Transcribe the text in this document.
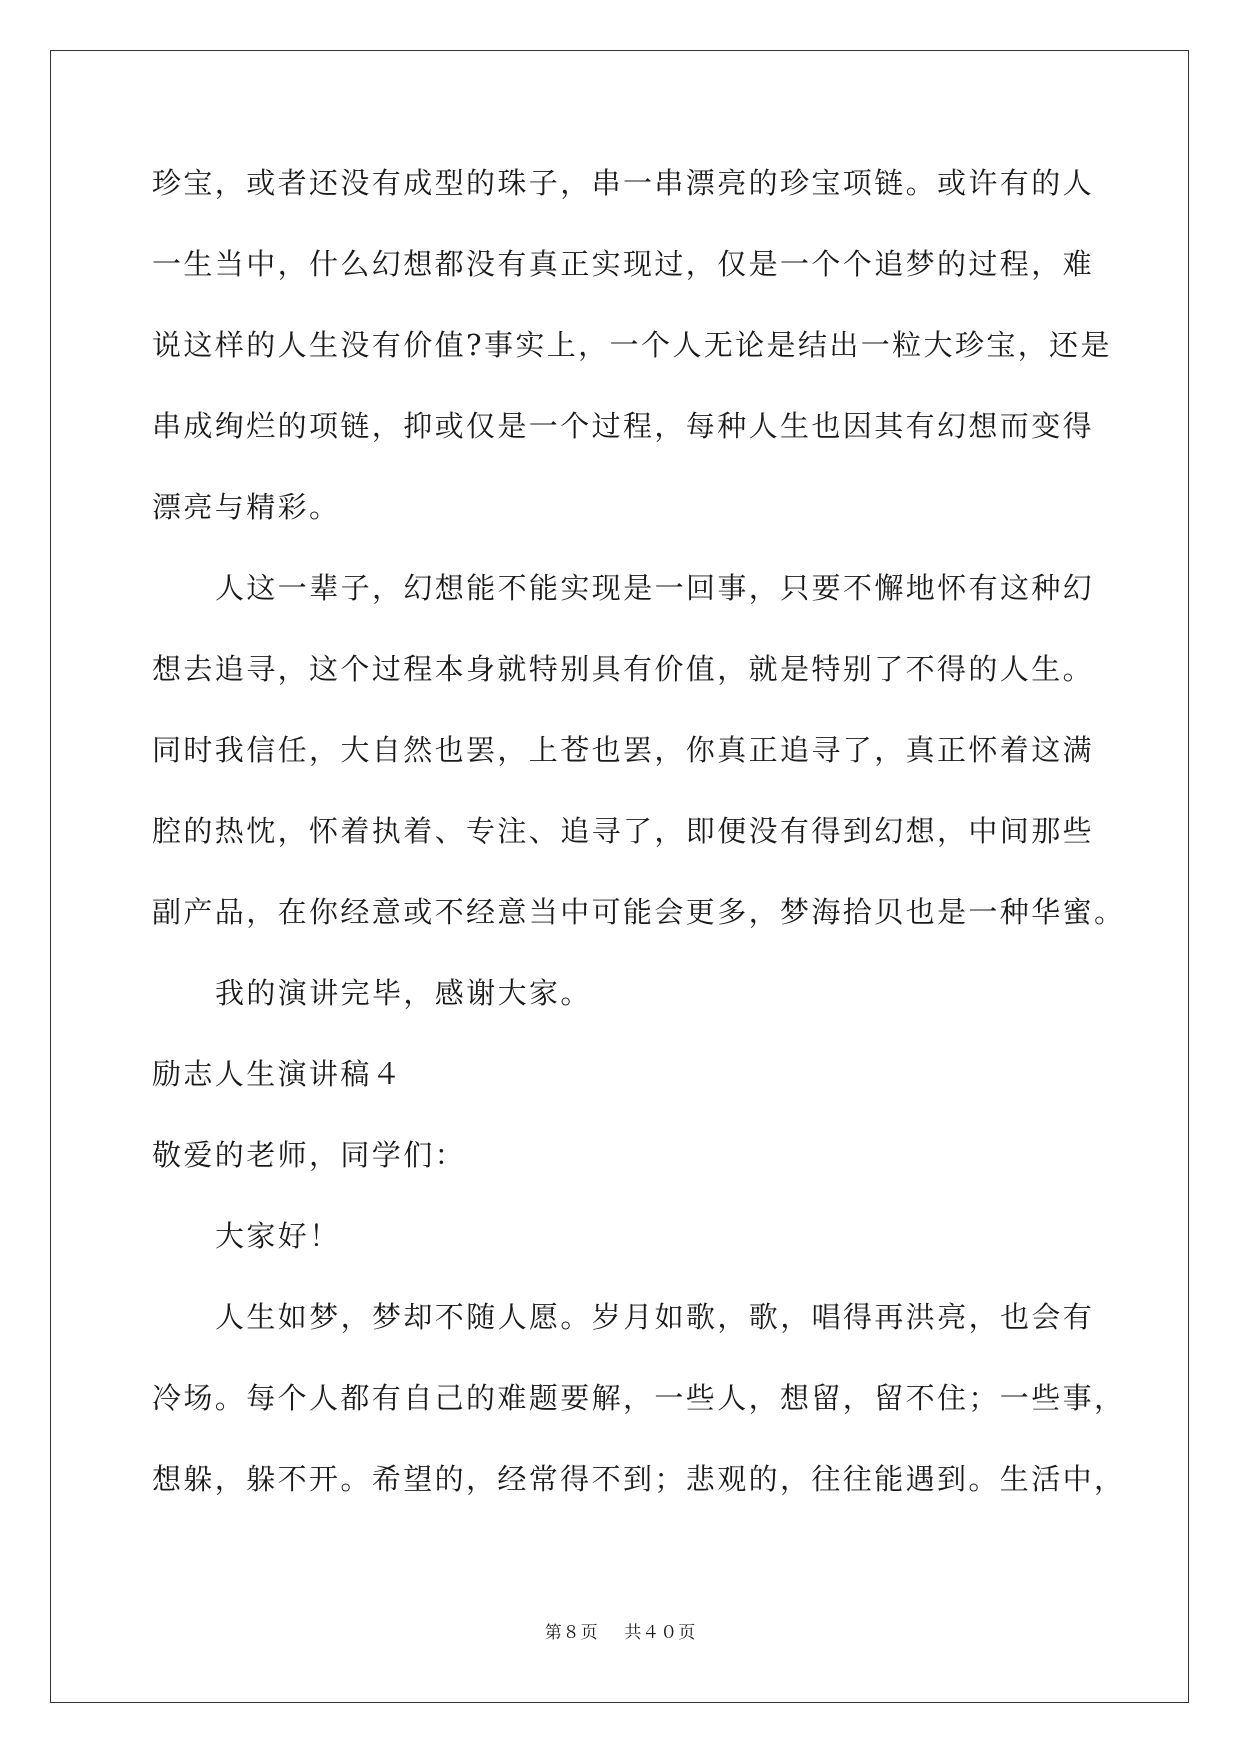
珍宝，或者还没有成型的珠子，串一串漂亮的珍宝项链。或许有的人
一生当中，什么幻想都没有真正实现过，仅是一个个追梦的过程，难
说这样的人生没有价值?事实上，一个人无论是结出一粒大珍宝，还是
串成绚烂的项链，抑或仅是一个过程，每种人生也因其有幻想而变得
漂亮与精彩。
人这一辈子，幻想能不能实现是一回事，只要不懈地怀有这种幻
想去追寻，这个过程本身就特别具有价值，就是特别了不得的人生。
同时我信任，大自然也罢，上苍也罢，你真正追寻了，真正怀着这满
腔的热忱，怀着执着、专注、追寻了，即便没有得到幻想，中间那些
副产品，在你经意或不经意当中可能会更多，梦海拾贝也是一种华蜜。
我的演讲完毕，感谢大家。
励志人生演讲稿４
敬爱的老师，同学们：
大家好！
人生如梦，梦却不随人愿。岁月如歌，歌，唱得再洪亮，也会有
冷场。每个人都有自己的难题要解，一些人，想留，留不住；一些事，
想躲，躲不开。希望的，经常得不到；悲观的，往往能遇到。生活中，
第８页 共４０页
